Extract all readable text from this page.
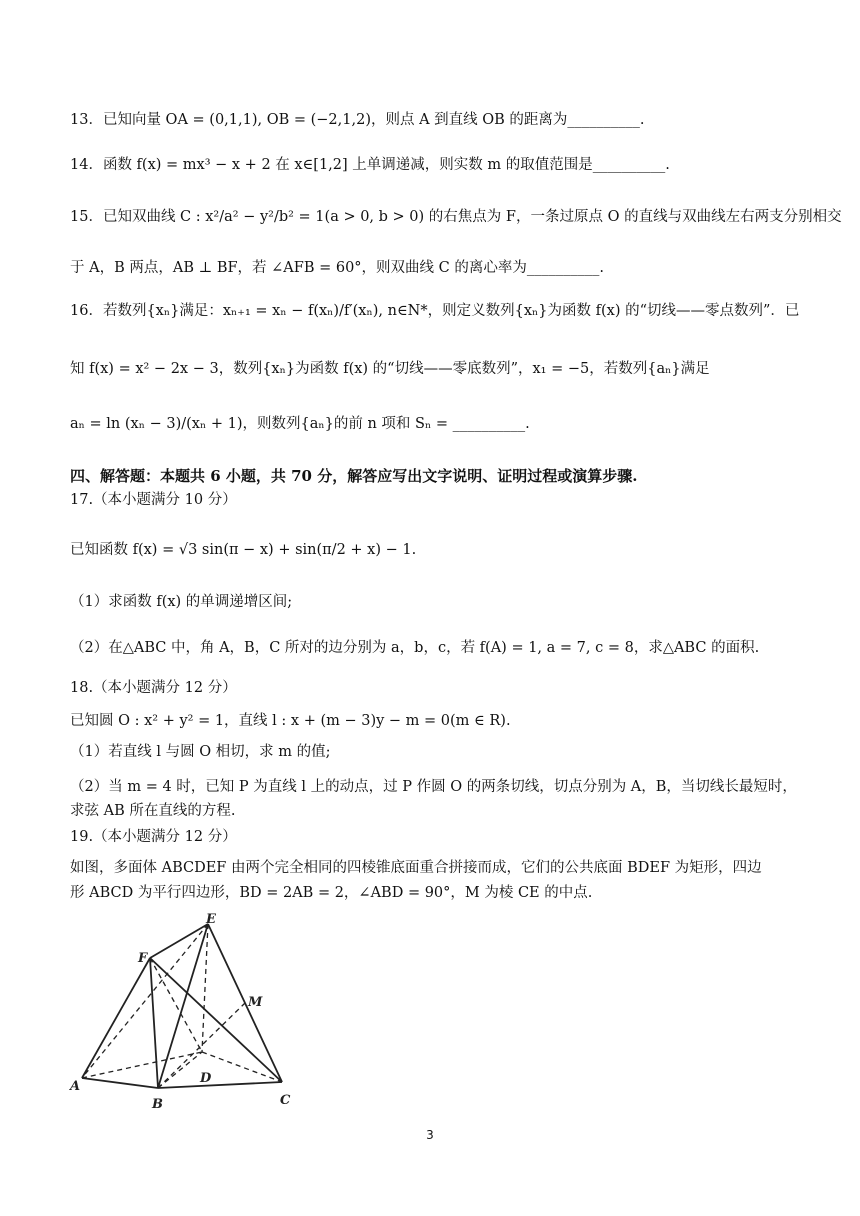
13．已知向量 OA = (0,1,1), OB = (−2,1,2)，则点 A 到直线 OB 的距离为__________.
14．函数 f(x) = mx³ − x + 2 在 x∈[1,2] 上单调递减，则实数 m 的取值范围是__________.
15．已知双曲线 C : x²/a² − y²/b² = 1(a > 0, b > 0) 的右焦点为 F，一条过原点 O 的直线与双曲线左右两支分别相交
于 A，B 两点，AB ⊥ BF，若 ∠AFB = 60°，则双曲线 C 的离心率为__________.
16．若数列{xₙ}满足：xₙ₊₁ = xₙ − f(xₙ)/f′(xₙ), n∈N*，则定义数列{xₙ}为函数 f(x) 的“切线——零点数列”．已
知 f(x) = x² − 2x − 3，数列{xₙ}为函数 f(x) 的“切线——零底数列”，x₁ = −5，若数列{aₙ}满足
aₙ = ln (xₙ − 3)/(xₙ + 1)，则数列{aₙ}的前 n 项和 Sₙ = __________.
四、解答题：本题共 6 小题，共 70 分，解答应写出文字说明、证明过程或演算步骤.
17.（本小题满分 10 分）
已知函数 f(x) = √3 sin(π − x) + sin(π/2 + x) − 1.
（1）求函数 f(x) 的单调递增区间;
（2）在△ABC 中，角 A，B，C 所对的边分别为 a，b，c，若 f(A) = 1, a = 7, c = 8，求△ABC 的面积.
18.（本小题满分 12 分）
已知圆 O : x² + y² = 1，直线 l : x + (m − 3)y − m = 0(m ∈ R).
（1）若直线 l 与圆 O 相切，求 m 的值;
（2）当 m = 4 时，已知 P 为直线 l 上的动点，过 P 作圆 O 的两条切线，切点分别为 A，B，当切线长最短时，
求弦 AB 所在直线的方程.
19.（本小题满分 12 分）
如图，多面体 ABCDEF 由两个完全相同的四棱锥底面重合拼接而成，它们的公共底面 BDEF 为矩形，四边
形 ABCD 为平行四边形，BD = 2AB = 2，∠ABD = 90°，M 为棱 CE 的中点.
E
F
M
D
A
B	C
3
